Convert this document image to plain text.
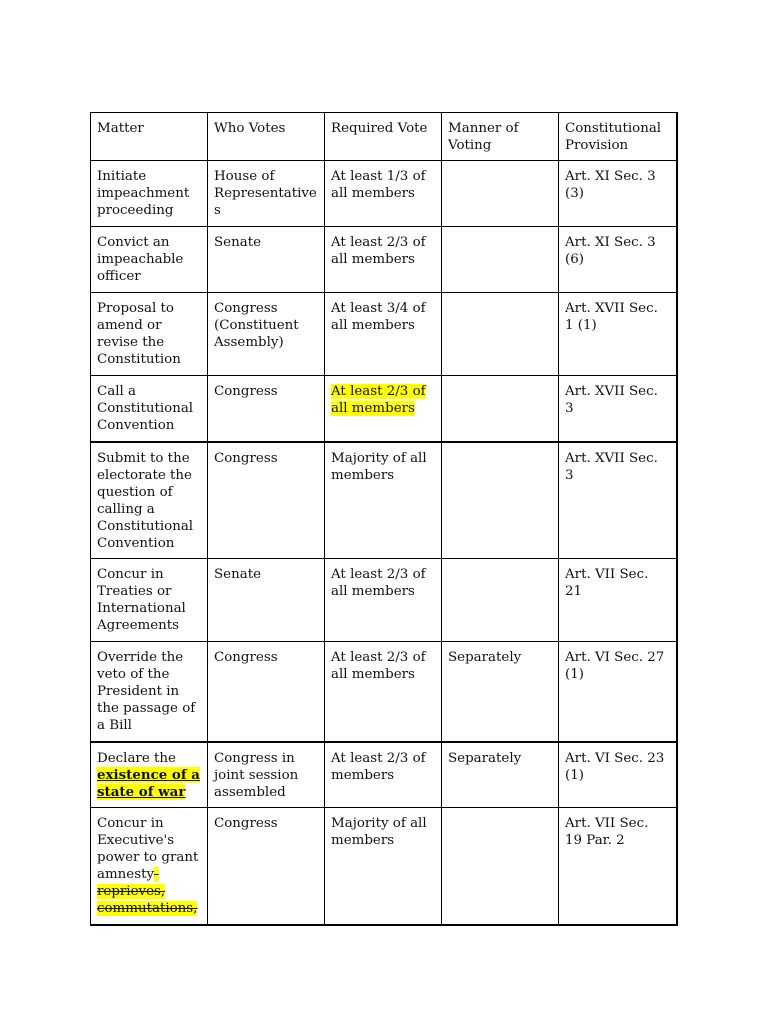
Matter	Who Votes	Required Vote	Manner of Voting	Constitutional Provision
Initiate impeachment proceeding	House of Representatives	At least 1/3 of all members		Art. XI Sec. 3 (3)
Convict an impeachable officer	Senate	At least 2/3 of all members		Art. XI Sec. 3 (6)
Proposal to amend or revise the Constitution	Congress (Constituent Assembly)	At least 3/4 of all members		Art. XVII Sec. 1 (1)
Call a Constitutional Convention	Congress	At least 2/3 of all members		Art. XVII Sec. 3
Submit to the electorate the question of calling a Constitutional Convention	Congress	Majority of all members		Art. XVII Sec. 3
Concur in Treaties or International Agreements	Senate	At least 2/3 of all members		Art. VII Sec. 21
Override the veto of the President in the passage of a Bill	Congress	At least 2/3 of all members	Separately	Art. VI Sec. 27 (1)
Declare the existence of a state of war	Congress in joint session assembled	At least 2/3 of members	Separately	Art. VI Sec. 23 (1)
Concur in Executive's power to grant amnesty- reprieves, commutations,	Congress	Majority of all members		Art. VII Sec. 19 Par. 2
